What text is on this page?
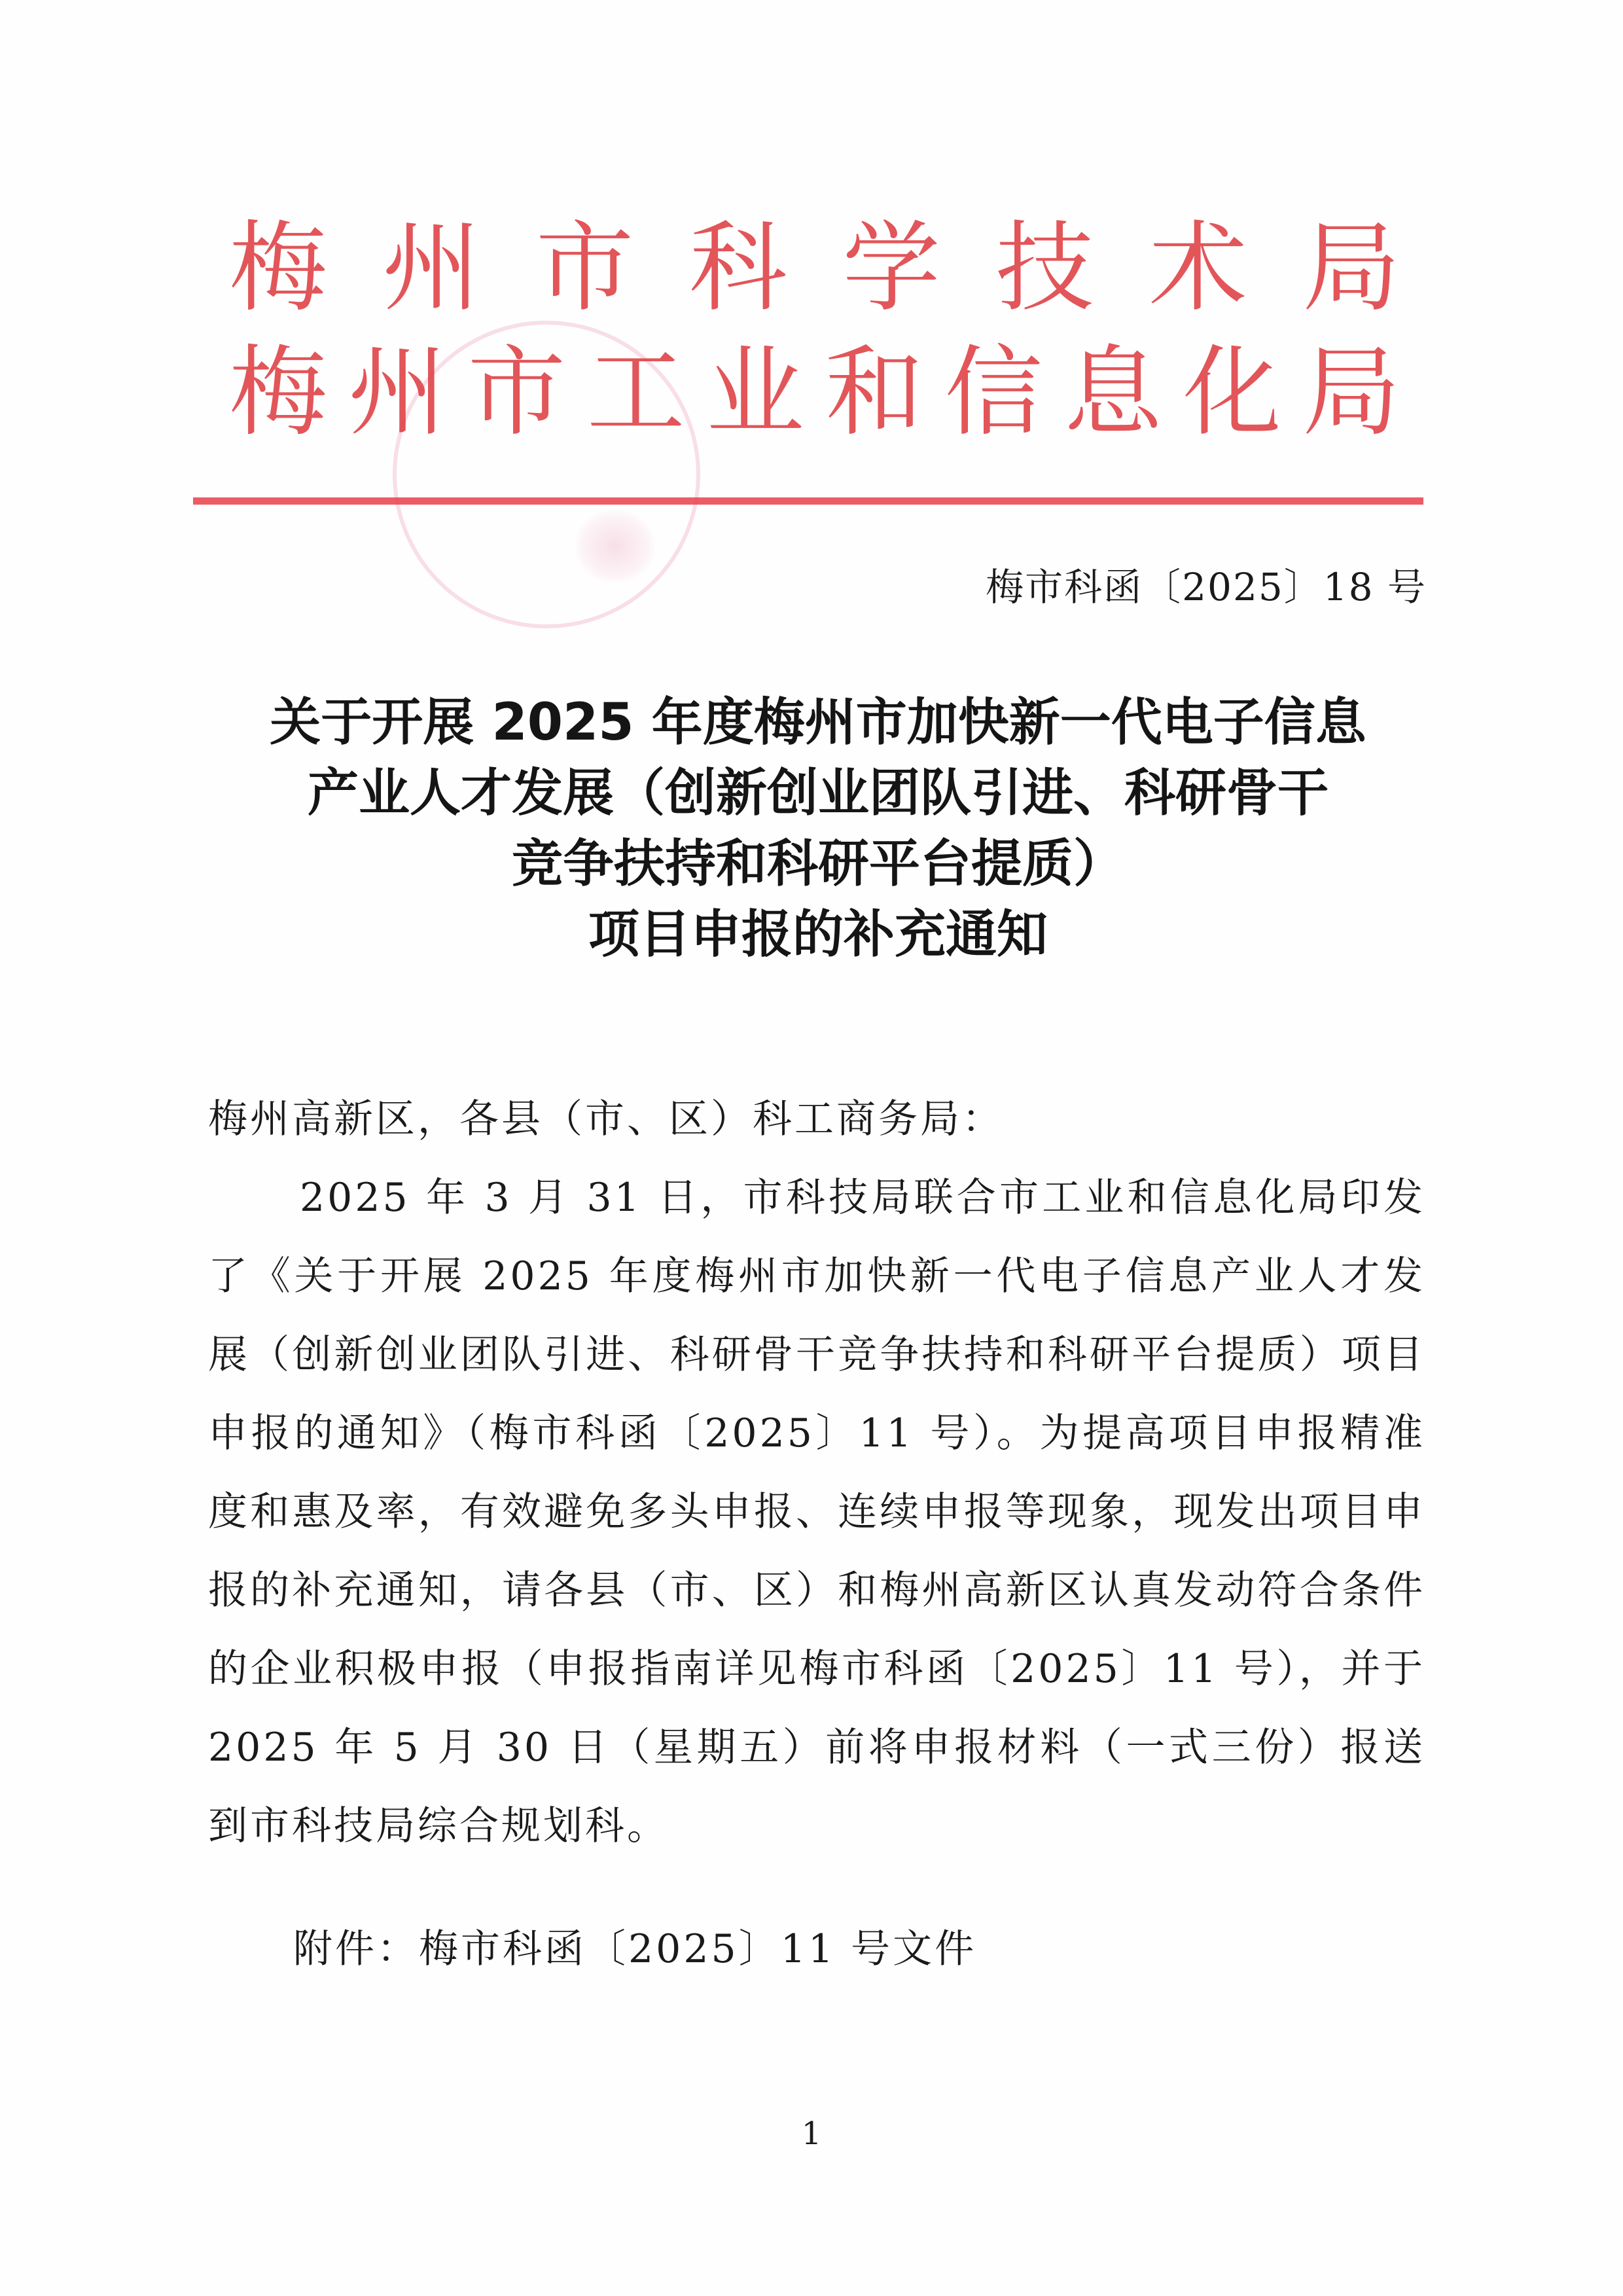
梅 州 市 科 学 技 术 局
梅 州 市 工 业 和 信 息 化 局
梅市科函〔2025〕18 号
关于开展 2025 年度梅州市加快新一代电子信息
产业人才发展（创新创业团队引进、科研骨干
竞争扶持和科研平台提质）
项目申报的补充通知
梅州高新区，各县（市、区）科工商务局：
2025 年 3 月 31 日，市科技局联合市工业和信息化局印发了《关于开展 2025 年度梅州市加快新一代电子信息产业人才发展（创新创业团队引进、科研骨干竞争扶持和科研平台提质）项目申报的通知》（梅市科函〔2025〕11 号）。为提高项目申报精准度和惠及率，有效避免多头申报、连续申报等现象，现发出项目申报的补充通知，请各县（市、区）和梅州高新区认真发动符合条件的企业积极申报（申报指南详见梅市科函〔2025〕11 号），并于 2025 年 5 月 30 日（星期五）前将申报材料（一式三份）报送到市科技局综合规划科。
附件：梅市科函〔2025〕11 号文件
1
